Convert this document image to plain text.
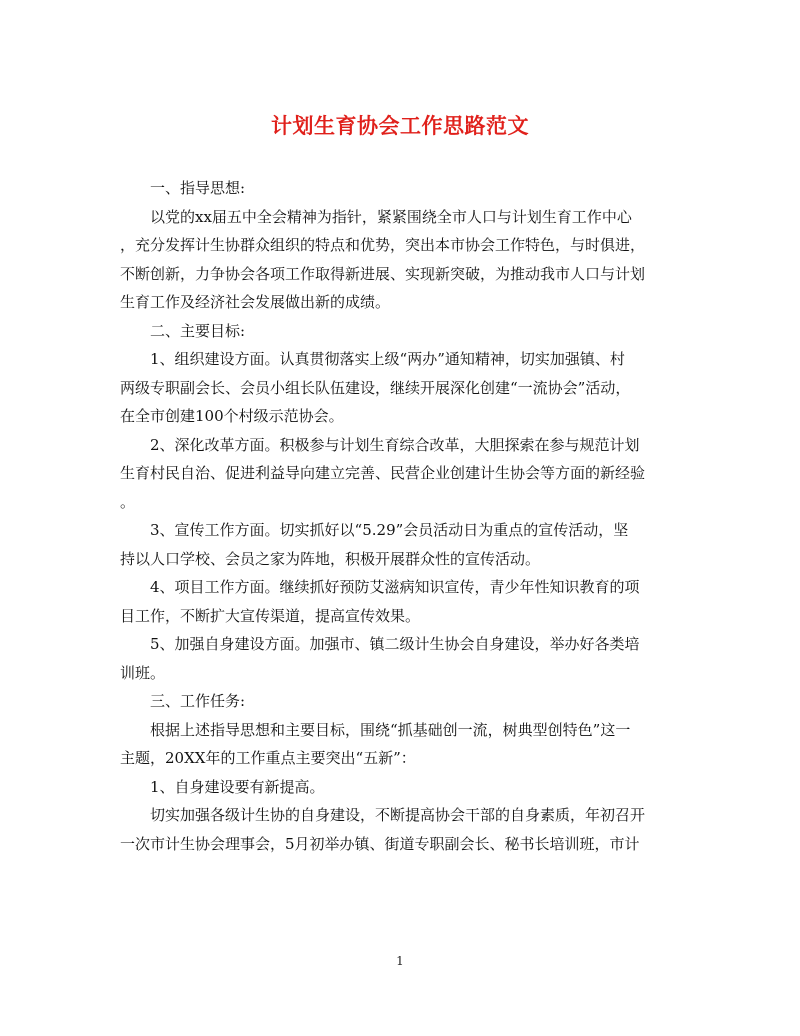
计划生育协会工作思路范文

一、指导思想:

以党的xx届五中全会精神为指针，紧紧围绕全市人口与计划生育工作中心
，充分发挥计生协群众组织的特点和优势，突出本市协会工作特色，与时俱进，
不断创新，力争协会各项工作取得新进展、实现新突破，为推动我市人口与计划
生育工作及经济社会发展做出新的成绩。

二、主要目标:

1、组织建设方面。认真贯彻落实上级“两办”通知精神，切实加强镇、村
两级专职副会长、会员小组长队伍建设，继续开展深化创建“一流协会”活动，
在全市创建100个村级示范协会。

2、深化改革方面。积极参与计划生育综合改革，大胆探索在参与规范计划
生育村民自治、促进利益导向建立完善、民营企业创建计生协会等方面的新经验
。

3、宣传工作方面。切实抓好以“5.29”会员活动日为重点的宣传活动，坚
持以人口学校、会员之家为阵地，积极开展群众性的宣传活动。

4、项目工作方面。继续抓好预防艾滋病知识宣传，青少年性知识教育的项
目工作，不断扩大宣传渠道，提高宣传效果。

5、加强自身建设方面。加强市、镇二级计生协会自身建设，举办好各类培
训班。

三、工作任务:

根据上述指导思想和主要目标，围绕“抓基础创一流，树典型创特色”这一
主题，20XX年的工作重点主要突出“五新”：

1、自身建设要有新提高。

切实加强各级计生协的自身建设，不断提高协会干部的自身素质，年初召开
一次市计生协会理事会，5月初举办镇、街道专职副会长、秘书长培训班，市计

1
